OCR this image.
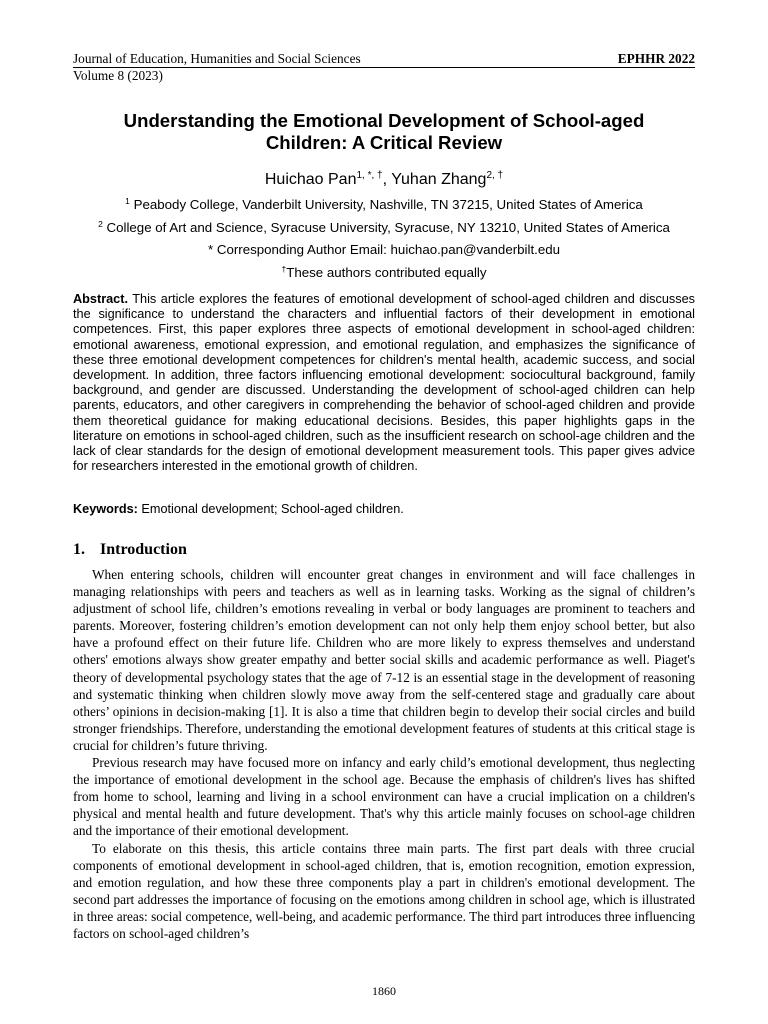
Journal of Education, Humanities and Social Sciences	EPHHR 2022
Volume 8 (2023)
Understanding the Emotional Development of School-aged
Children: A Critical Review
Huichao Pan$^{1, *, \dagger}$, Yuhan Zhang$^{2, \dagger}$
$^1$ Peabody College, Vanderbilt University, Nashville, TN 37215, United States of America
$^2$ College of Art and Science, Syracuse University, Syracuse, NY 13210, United States of America
* Corresponding Author Email: huichao.pan@vanderbilt.edu
†These authors contributed equally
Abstract. This article explores the features of emotional development of school-aged children and discusses the significance to understand the characters and influential factors of their development in emotional competences. First, this paper explores three aspects of emotional development in school-aged children: emotional awareness, emotional expression, and emotional regulation, and emphasizes the significance of these three emotional development competences for children's mental health, academic success, and social development. In addition, three factors influencing emotional development: sociocultural background, family background, and gender are discussed. Understanding the development of school-aged children can help parents, educators, and other caregivers in comprehending the behavior of school-aged children and provide them theoretical guidance for making educational decisions. Besides, this paper highlights gaps in the literature on emotions in school-aged children, such as the insufficient research on school-age children and the lack of clear standards for the design of emotional development measurement tools. This paper gives advice for researchers interested in the emotional growth of children.
Keywords: Emotional development; School-aged children.
1. Introduction

When entering schools, children will encounter great changes in environment and will face challenges in managing relationships with peers and teachers as well as in learning tasks. Working as the signal of children’s adjustment of school life, children’s emotions revealing in verbal or body languages are prominent to teachers and parents. Moreover, fostering children’s emotion development can not only help them enjoy school better, but also have a profound effect on their future life. Children who are more likely to express themselves and understand others' emotions always show greater empathy and better social skills and academic performance as well. Piaget's theory of developmental psychology states that the age of 7-12 is an essential stage in the development of reasoning and systematic thinking when children slowly move away from the self-centered stage and gradually care about others’ opinions in decision-making [1]. It is also a time that children begin to develop their social circles and build stronger friendships. Therefore, understanding the emotional development features of students at this critical stage is crucial for children’s future thriving.

Previous research may have focused more on infancy and early child’s emotional development, thus neglecting the importance of emotional development in the school age. Because the emphasis of children's lives has shifted from home to school, learning and living in a school environment can have a crucial implication on a children's physical and mental health and future development. That's why this article mainly focuses on school-age children and the importance of their emotional development.

To elaborate on this thesis, this article contains three main parts. The first part deals with three crucial components of emotional development in school-aged children, that is, emotion recognition, emotion expression, and emotion regulation, and how these three components play a part in children's emotional development. The second part addresses the importance of focusing on the emotions among children in school age, which is illustrated in three areas: social competence, well-being, and academic performance. The third part introduces three influencing factors on school-aged children’s

1860
